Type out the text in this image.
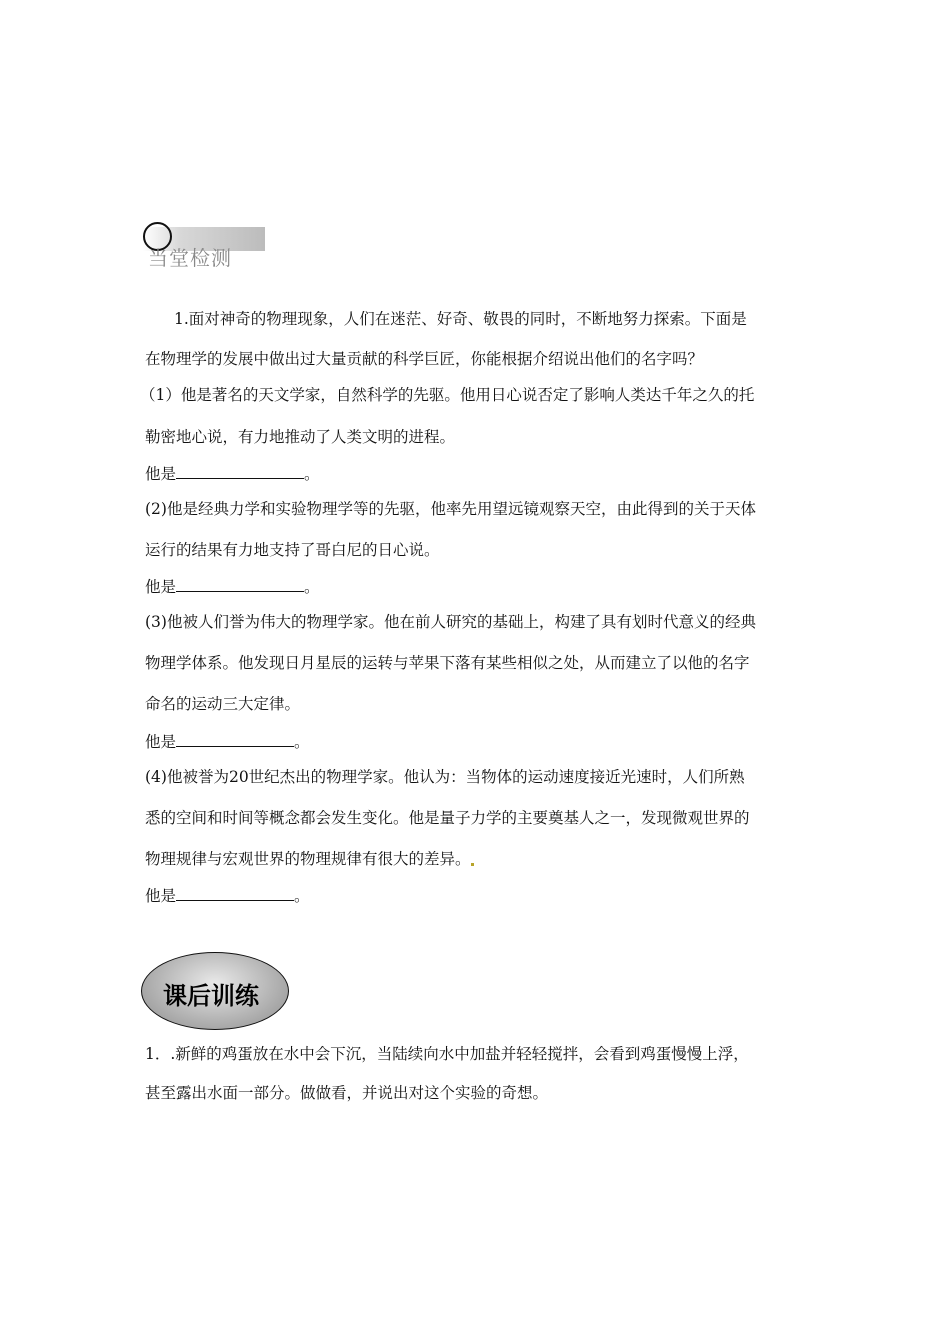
当堂检测
1.面对神奇的物理现象，人们在迷茫、好奇、敬畏的同时，不断地努力探索。下面是
在物理学的发展中做出过大量贡献的科学巨匠，你能根据介绍说出他们的名字吗？
（1）他是著名的天文学家，自然科学的先驱。他用日心说否定了影响人类达千年之久的托
勒密地心说，有力地推动了人类文明的进程。
他是	。
(2)他是经典力学和实验物理学等的先驱，他率先用望远镜观察天空，由此得到的关于天体
运行的结果有力地支持了哥白尼的日心说。
他是	。
(3)他被人们誉为伟大的物理学家。他在前人研究的基础上，构建了具有划时代意义的经典
物理学体系。他发现日月星辰的运转与苹果下落有某些相似之处，从而建立了以他的名字
命名的运动三大定律。
他是	。
(4)他被誉为20世纪杰出的物理学家。他认为：当物体的运动速度接近光速时，人们所熟
悉的空间和时间等概念都会发生变化。他是量子力学的主要奠基人之一，发现微观世界的
物理规律与宏观世界的物理规律有很大的差异。
他是	。
课后训练
1．.新鲜的鸡蛋放在水中会下沉，当陆续向水中加盐并轻轻搅拌，会看到鸡蛋慢慢上浮，
甚至露出水面一部分。做做看，并说出对这个实验的奇想。
